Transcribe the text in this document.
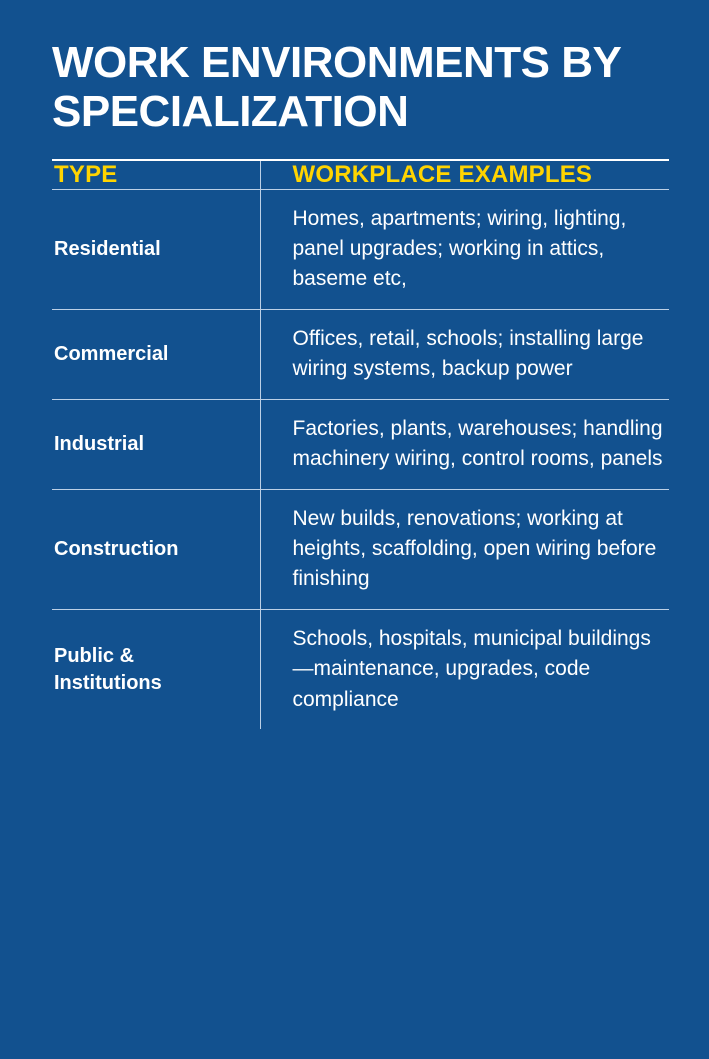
WORK ENVIRONMENTS BY SPECIALIZATION
TYPE	WORKPLACE EXAMPLES
Residential	Homes, apartments; wiring, lighting, panel upgrades; working in attics, baseme etc,
Commercial	Offices, retail, schools; installing large wiring systems, backup power
Industrial	Factories, plants, warehouses; handling machinery wiring, control rooms, panels
Construction	New builds, renovations; working at heights, scaffolding, open wiring before finishing
Public & Institutions	Schools, hospitals, municipal buildings—maintenance, upgrades, code compliance
